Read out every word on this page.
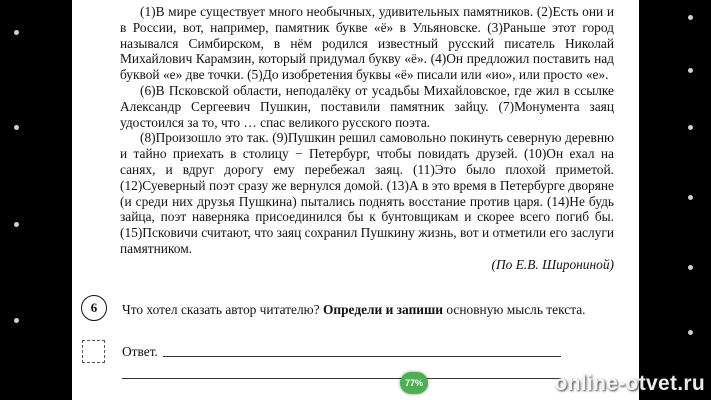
(1)В мире существует много необычных, удивительных памятников. (2)Есть они и в России, вот, например, памятник букве «ё» в Ульяновске. (3)Раньше этот город назывался Симбирском, в нём родился известный русский писатель Николай Михайлович Карамзин, который придумал букву «ё». (4)Он предложил поставить над буквой «е» две точки. (5)До изобретения буквы «ё» писали или «ио», или просто «е».

(6)В Псковской области, неподалёку от усадьбы Михайловское, где жил в ссылке Александр Сергеевич Пушкин, поставили памятник зайцу. (7)Монумента заяц удостоился за то, что … спас великого русского поэта.

(8)Произошло это так. (9)Пушкин решил самовольно покинуть северную деревню и тайно приехать в столицу − Петербург, чтобы повидать друзей. (10)Он ехал на санях, и вдруг дорогу ему перебежал заяц. (11)Это было плохой приметой. (12)Суеверный поэт сразу же вернулся домой. (13)А в это время в Петербурге дворяне (и среди них друзья Пушкина) пытались поднять восстание против царя. (14)Не будь зайца, поэт наверняка присоединился бы к бунтовщикам и скорее всего погиб бы. (15)Псковичи считают, что заяц сохранил Пушкину жизнь, вот и отметили его заслуги памятником.

(По Е.В. Широниной)

6	Что хотел сказать автор читателю? Определи и запиши основную мысль текста.
Ответ.
77%	online-otvet.ru
